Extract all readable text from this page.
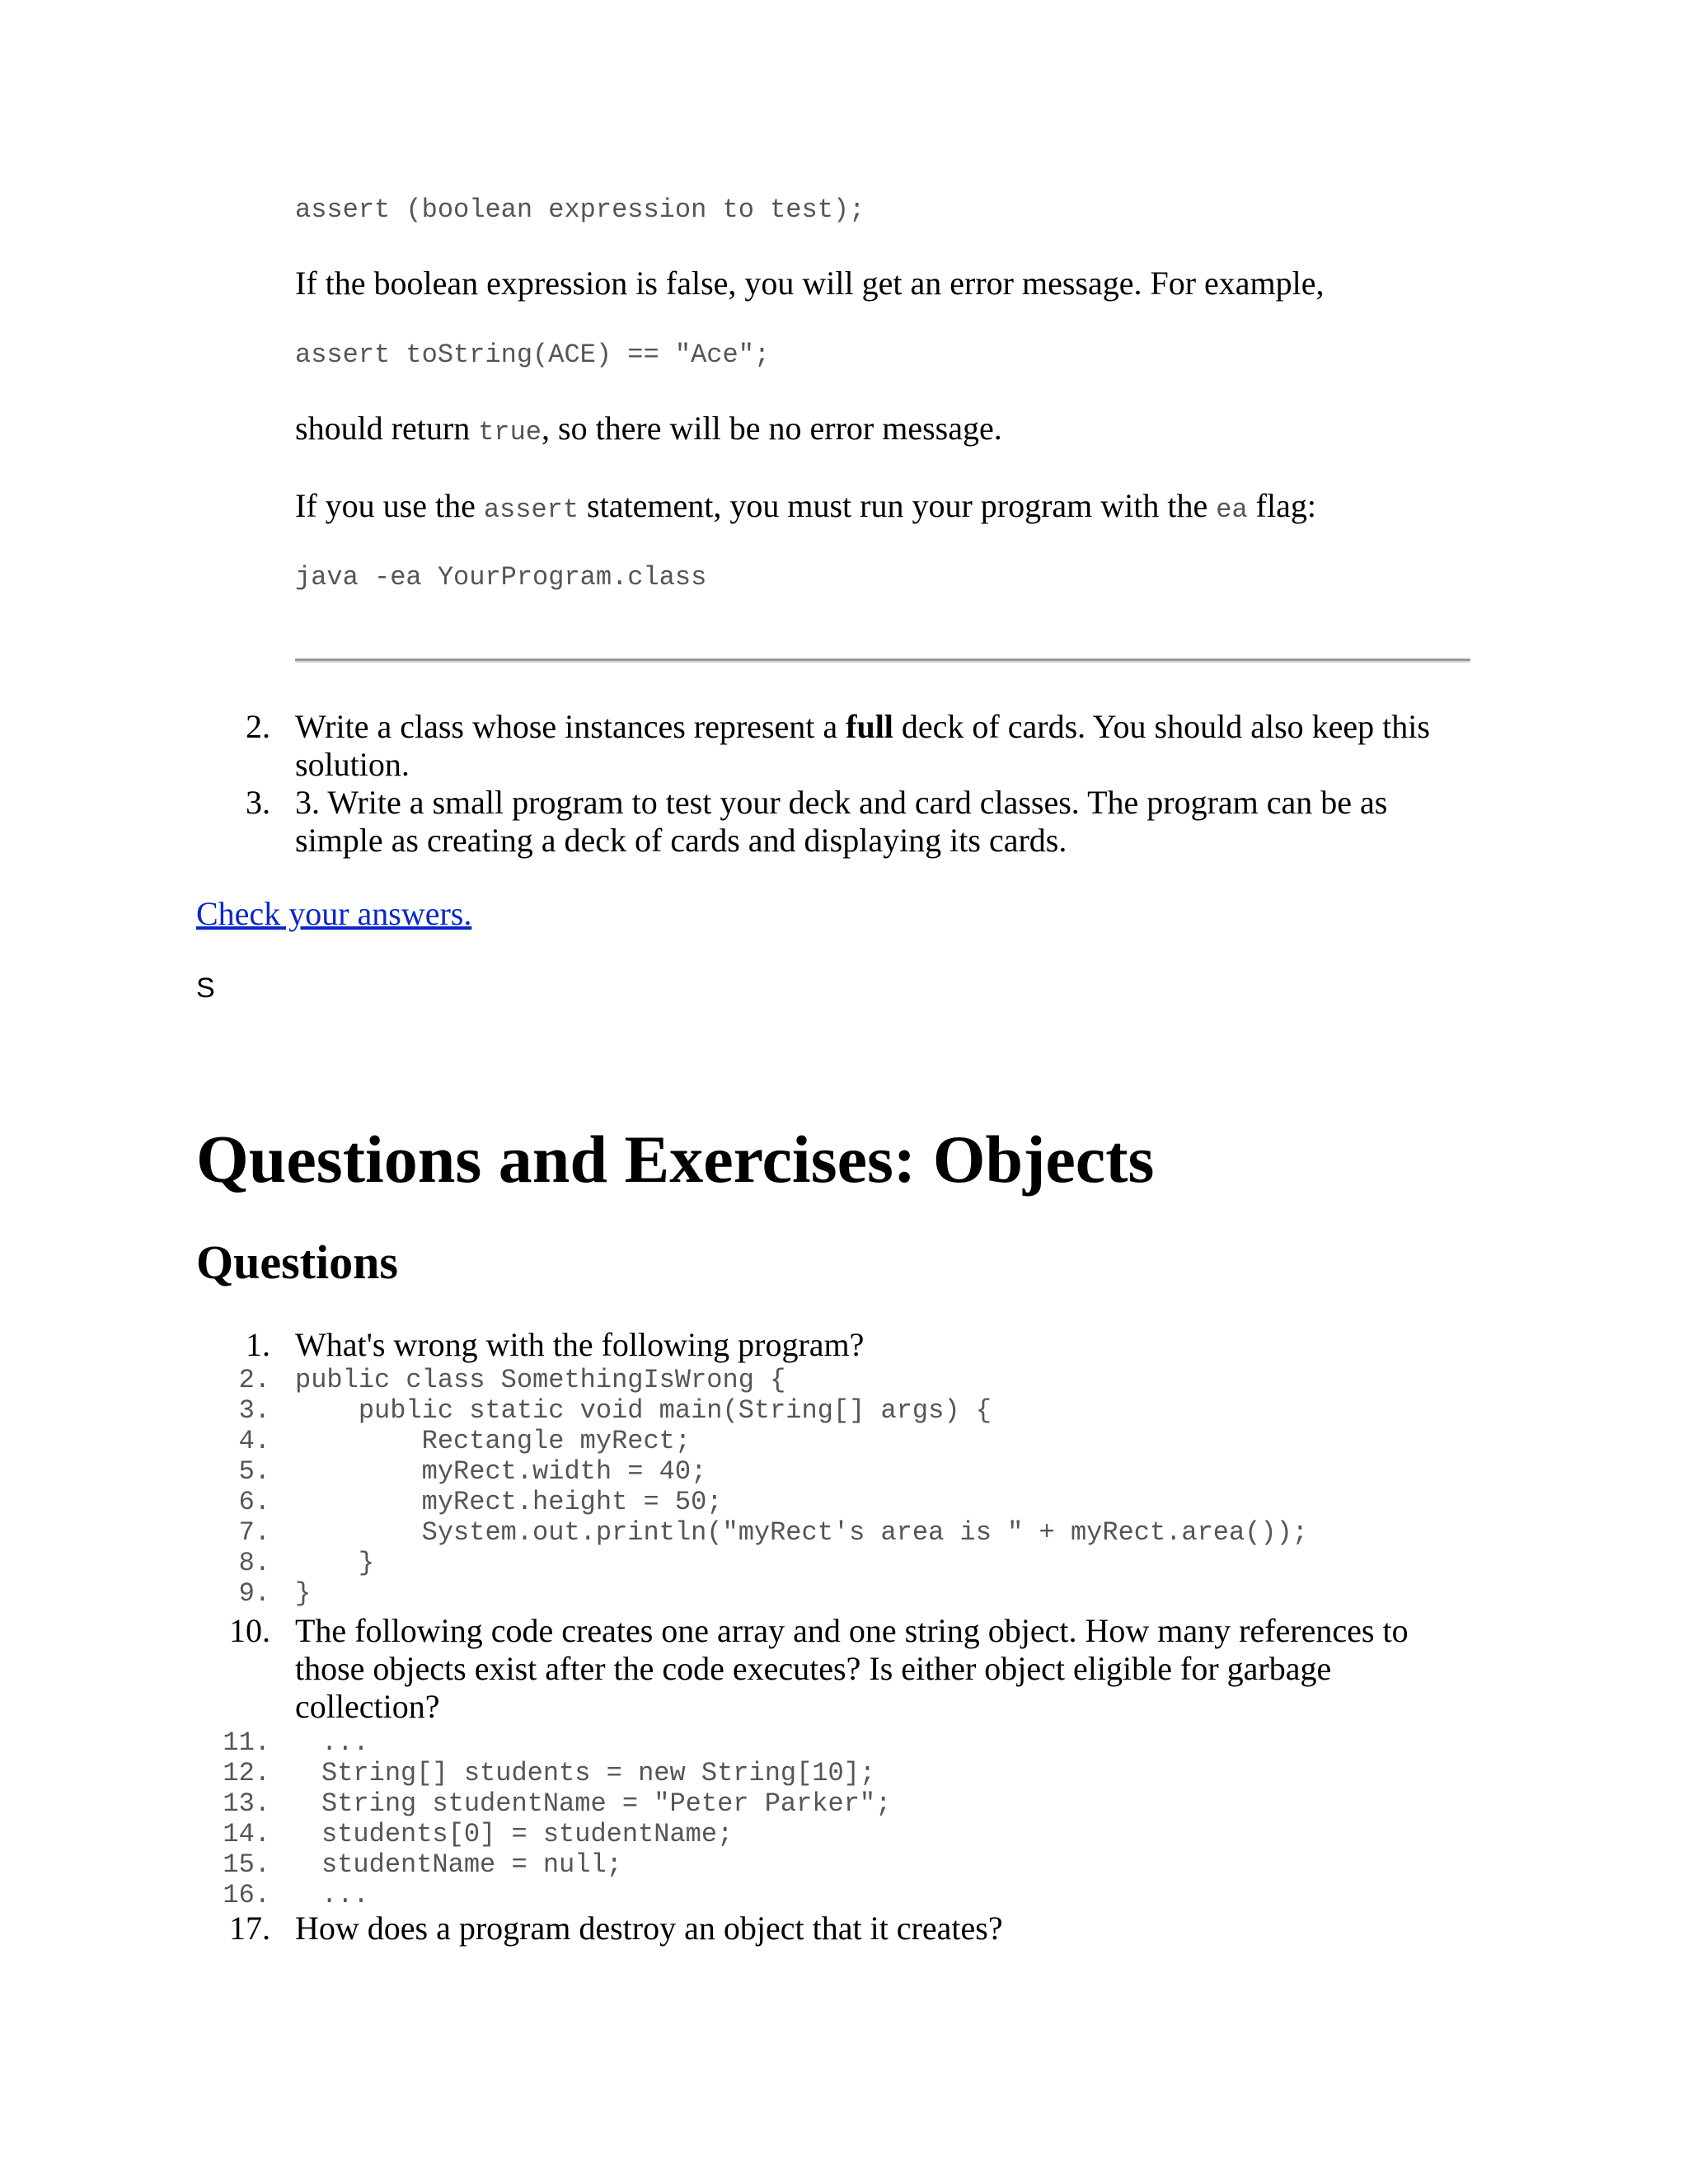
assert (boolean expression to test);
If the boolean expression is false, you will get an error message. For example,
assert toString(ACE) == "Ace";
should return true, so there will be no error message.
If you use the assert statement, you must run your program with the ea flag:
java -ea YourProgram.class
2. Write a class whose instances represent a full deck of cards. You should also keep this
solution.
3. 3. Write a small program to test your deck and card classes. The program can be as
simple as creating a deck of cards and displaying its cards.
Check your answers.
S
Questions and Exercises: Objects
Questions
1. What's wrong with the following program?
2. public class SomethingIsWrong {
3. public static void main(String[] args) {
4. Rectangle myRect;
5. myRect.width = 40;
6. myRect.height = 50;
7. System.out.println("myRect's area is " + myRect.area());
8. }
9. }
10. The following code creates one array and one string object. How many references to
those objects exist after the code executes? Is either object eligible for garbage
collection?
11. ...
12. String[] students = new String[10];
13. String studentName = "Peter Parker";
14. students[0] = studentName;
15. studentName = null;
16. ...
17. How does a program destroy an object that it creates?
